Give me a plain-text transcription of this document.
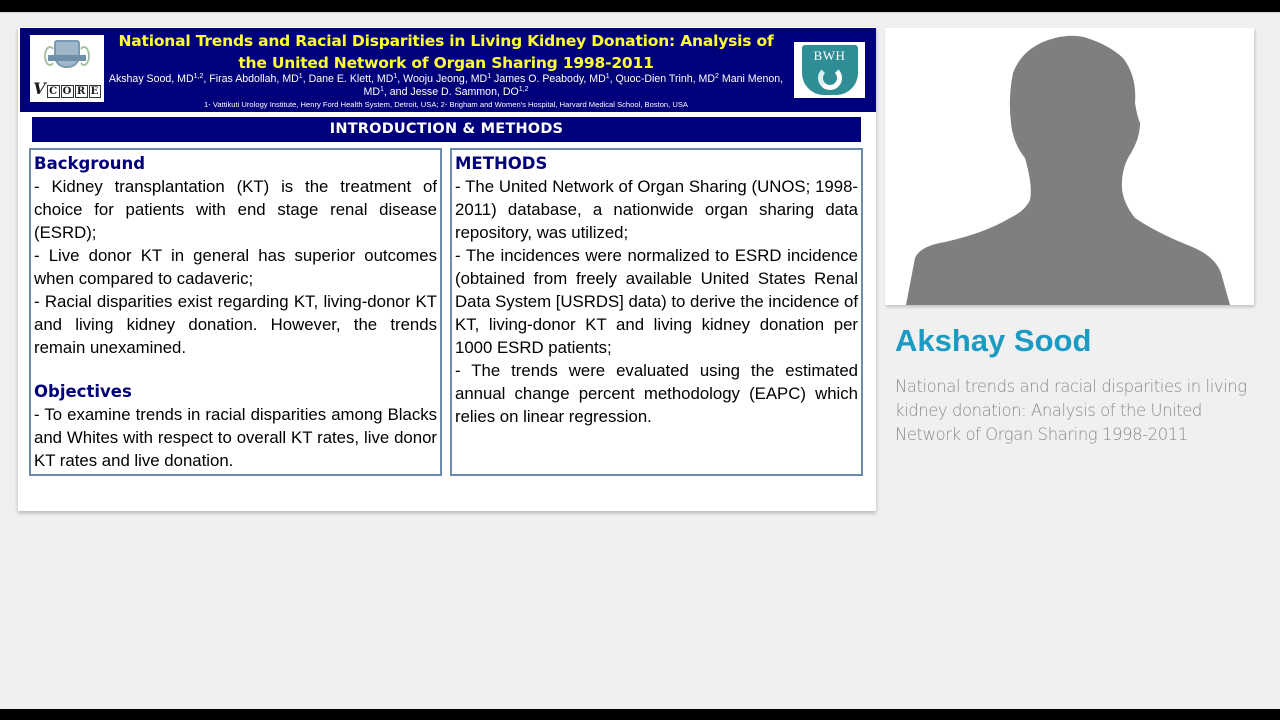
V C O R E
National Trends and Racial Disparities in Living Kidney Donation: Analysis of
the United Network of Organ Sharing 1998-2011
Akshay Sood, MD$^{1,2}$, Firas Abdollah, $MD^1$, Dane E. Klett, $MD^1$, Wooju Jeong, $MD^1$ James O. Peabody, $MD^1$, Quoc-Dien Trinh, $MD^2$ Mani Menon, $MD^1$, and Jesse D. Sammon, DO$^{1,2}$
1- Vattikuti Urology Institute, Henry Ford Health System, Detroit, USA; 2- Brigham and Women's Hospital, Harvard Medical School, Boston, USA
BWH
INTRODUCTION & METHODS
Background

- Kidney transplantation (KT) is the treatment of choice for patients with end stage renal disease (ESRD);

- Live donor KT in general has superior outcomes when compared to cadaveric;

- Racial disparities exist regarding KT, living-donor KT and living kidney donation. However, the trends remain unexamined.

Objectives

- To examine trends in racial disparities among Blacks and Whites with respect to overall KT rates, live donor KT rates and live donation.

METHODS

- The United Network of Organ Sharing (UNOS; 1998-2011) database, a nationwide organ sharing data repository, was utilized;

- The incidences were normalized to ESRD incidence (obtained from freely available United States Renal Data System [USRDS] data) to derive the incidence of KT, living-donor KT and living kidney donation per 1000 ESRD patients;

- The trends were evaluated using the estimated annual change percent methodology (EAPC) which relies on linear regression.

Akshay Sood
National trends and racial disparities in living kidney donation: Analysis of the United Network of Organ Sharing 1998-2011
